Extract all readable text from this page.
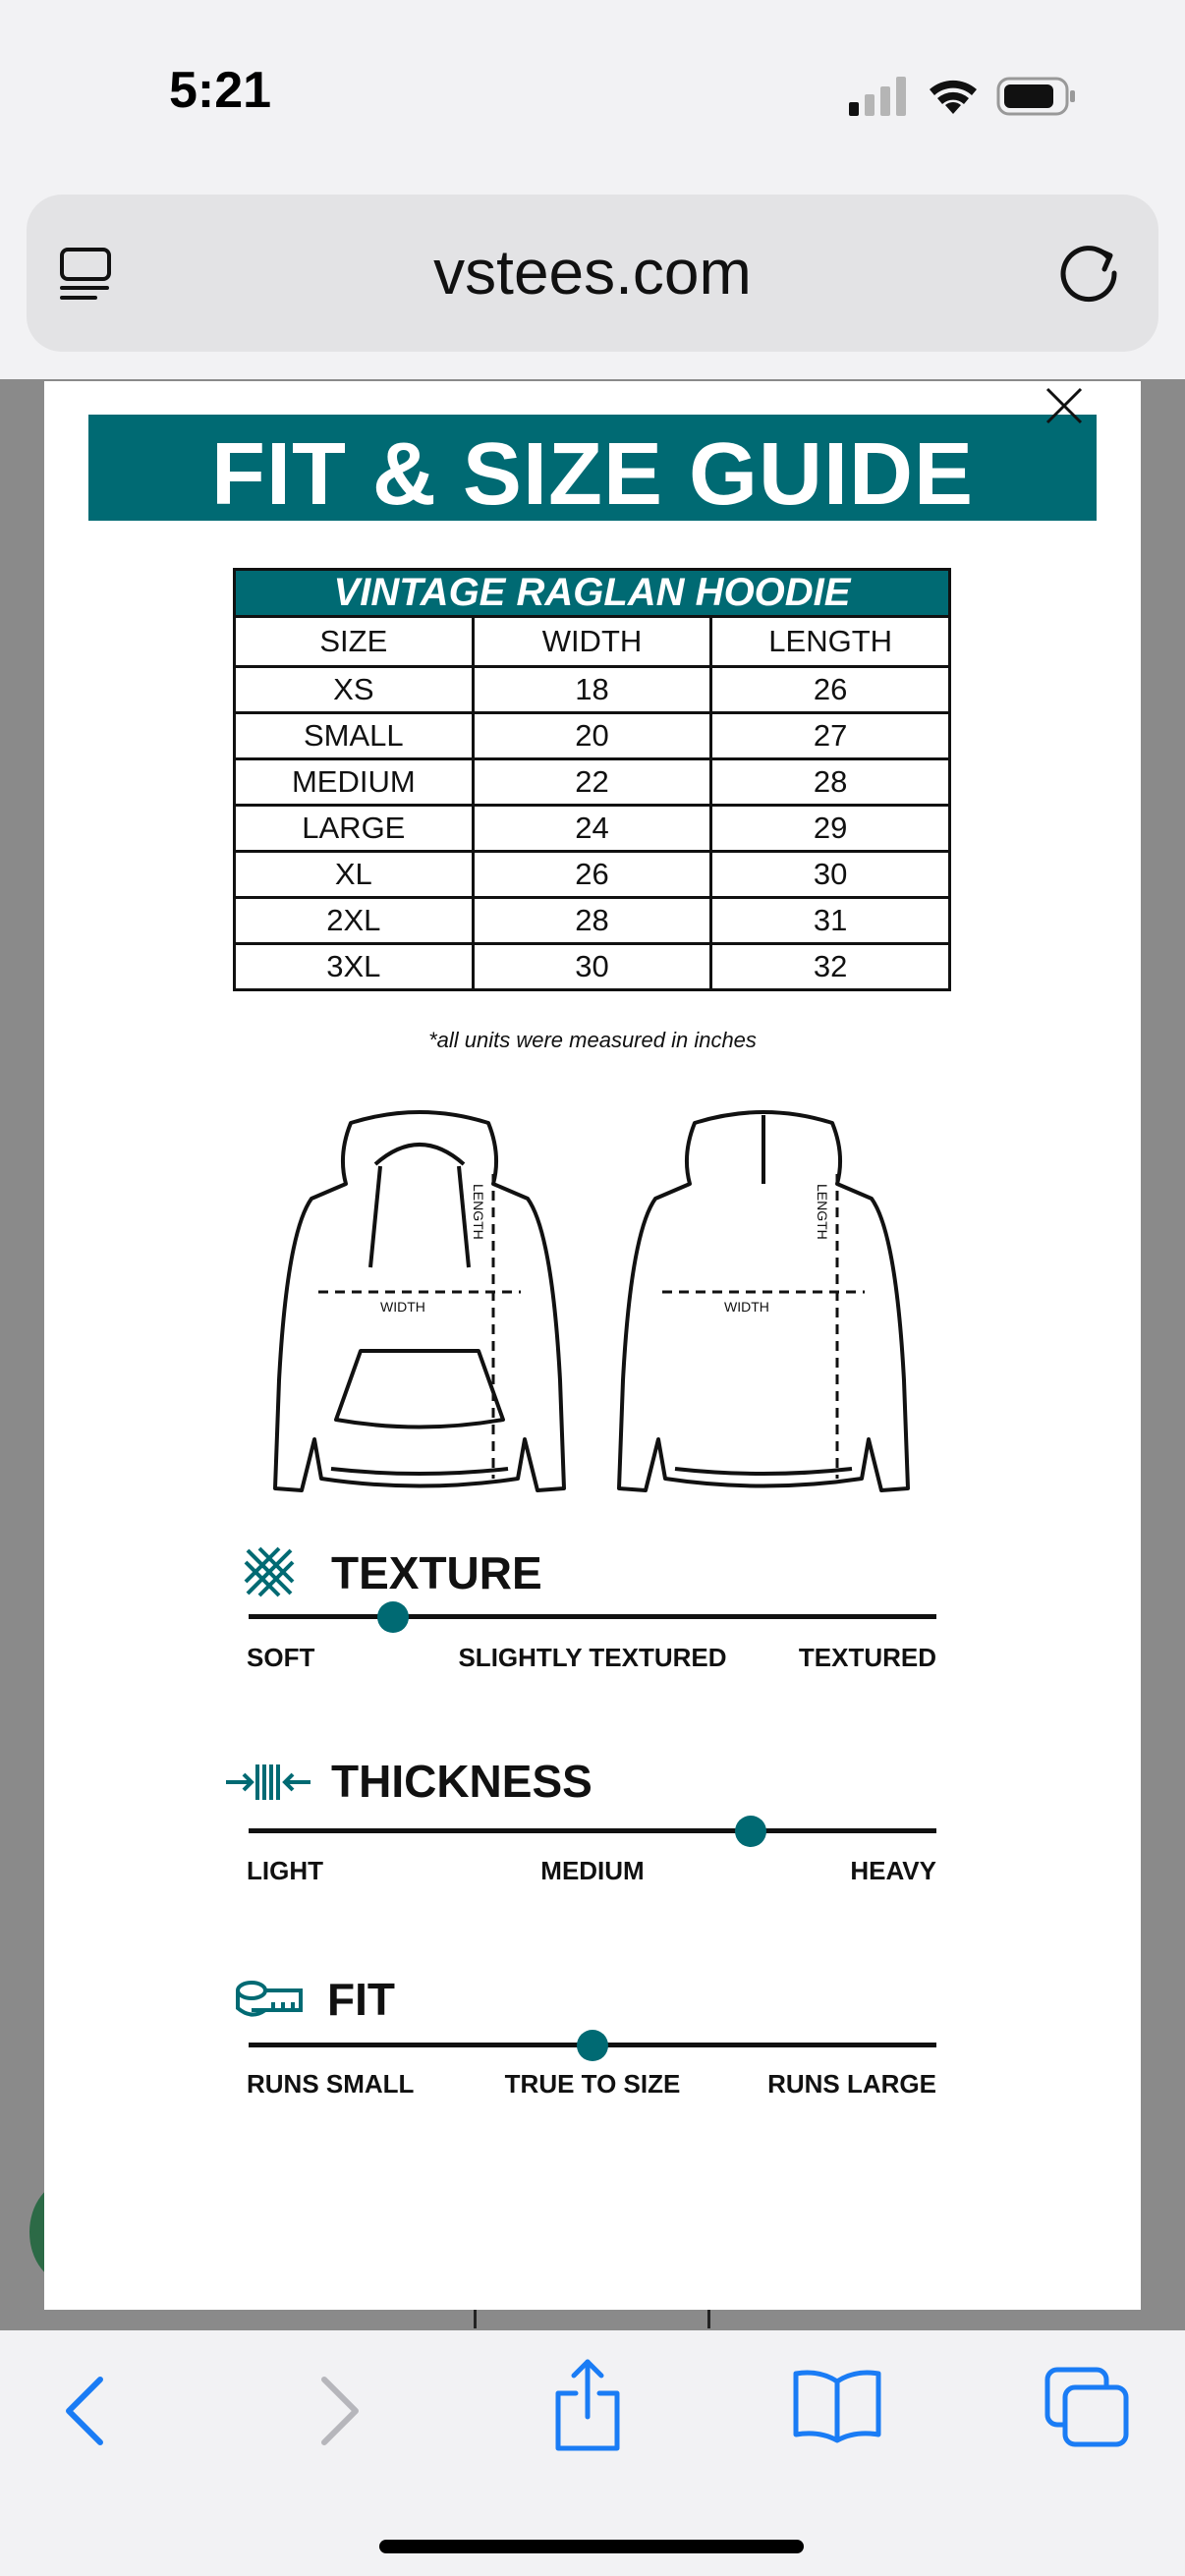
5:21
vstees.com
FIT & SIZE GUIDE
VINTAGE RAGLAN HOODIE		
SIZE	WIDTH	LENGTH
XS	18	26
SMALL	20	27
MEDIUM	22	28
LARGE	24	29
XL	26	30
2XL	28	31
3XL	30	32
*all units were measured in inches
WIDTH
LENGTH
WIDTH
LENGTH
TEXTURE
SOFT	SLIGHTLY TEXTURED	TEXTURED
THICKNESS
LIGHT	MEDIUM	HEAVY
FIT
RUNS SMALL	TRUE TO SIZE	RUNS LARGE
